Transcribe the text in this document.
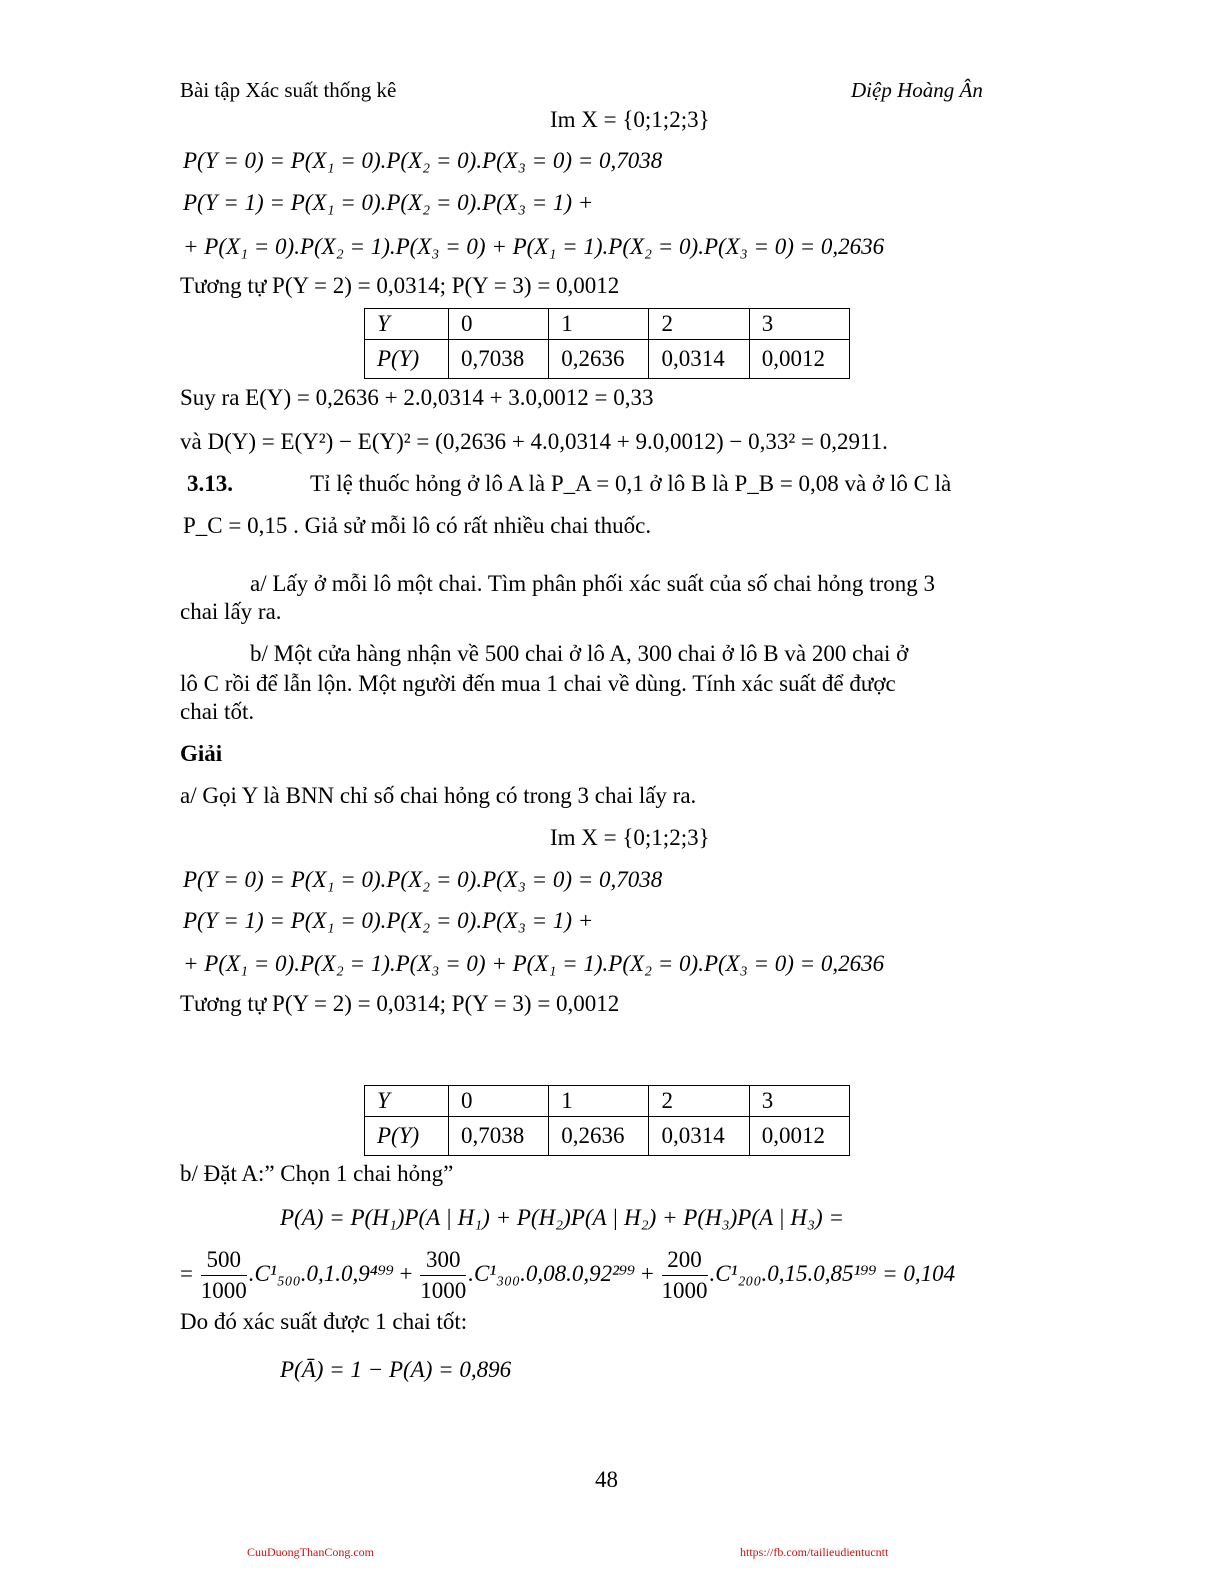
Bài tập Xác suất thống kê	Diệp Hoàng Ân
Im X = {0;1;2;3}
P(Y = 0) = P(X₁ = 0).P(X₂ = 0).P(X₃ = 0) = 0,7038
P(Y = 1) = P(X₁ = 0).P(X₂ = 0).P(X₃ = 1) +
+ P(X₁ = 0).P(X₂ = 1).P(X₃ = 0) + P(X₁ = 1).P(X₂ = 0).P(X₃ = 0) = 0,2636
Tương tự P(Y = 2) = 0,0314; P(Y = 3) = 0,0012
Y	0	1	2	3
P(Y)	0,7038	0,2636	0,0314	0,0012
Suy ra E(Y) = 0,2636 + 2.0,0314 + 3.0,0012 = 0,33
và D(Y) = E(Y²) − E(Y)² = (0,2636 + 4.0,0314 + 9.0,0012) − 0,33² = 0,2911.
3.13.	Tỉ lệ thuốc hỏng ở lô A là P_A = 0,1 ở lô B là P_B = 0,08 và ở lô C là
P_C = 0,15 . Giả sử mỗi lô có rất nhiều chai thuốc.
a/ Lấy ở mỗi lô một chai. Tìm phân phối xác suất của số chai hỏng trong 3
chai lấy ra.
b/ Một cửa hàng nhận về 500 chai ở lô A, 300 chai ở lô B và 200 chai ở
lô C rồi để lẫn lộn. Một người đến mua 1 chai về dùng. Tính xác suất để được
chai tốt.
Giải
a/ Gọi Y là BNN chỉ số chai hỏng có trong 3 chai lấy ra.
Im X = {0;1;2;3}
P(Y = 0) = P(X₁ = 0).P(X₂ = 0).P(X₃ = 0) = 0,7038
P(Y = 1) = P(X₁ = 0).P(X₂ = 0).P(X₃ = 1) +
+ P(X₁ = 0).P(X₂ = 1).P(X₃ = 0) + P(X₁ = 1).P(X₂ = 0).P(X₃ = 0) = 0,2636
Tương tự P(Y = 2) = 0,0314; P(Y = 3) = 0,0012
Y	0	1	2	3
P(Y)	0,7038	0,2636	0,0314	0,0012
b/ Đặt A:” Chọn 1 chai hỏng”
P(A) = P(H₁)P(A | H₁) + P(H₂)P(A | H₂) + P(H₃)P(A | H₃) =
= $\frac{500}{1000} .C^1_{500}.0,1.0,9^{499} + \frac{300}{1000} .C^1_{300}.0,08.0,92^{299} + \frac{200}{1000} .C^1_{200}.0,15.0,85^{199} = 0,104$
Do đó xác suất được 1 chai tốt:
P(Ā) = 1 − P(A) = 0,896
48
CuuDuongThanCong.com	https://fb.com/tailieudientucntt
